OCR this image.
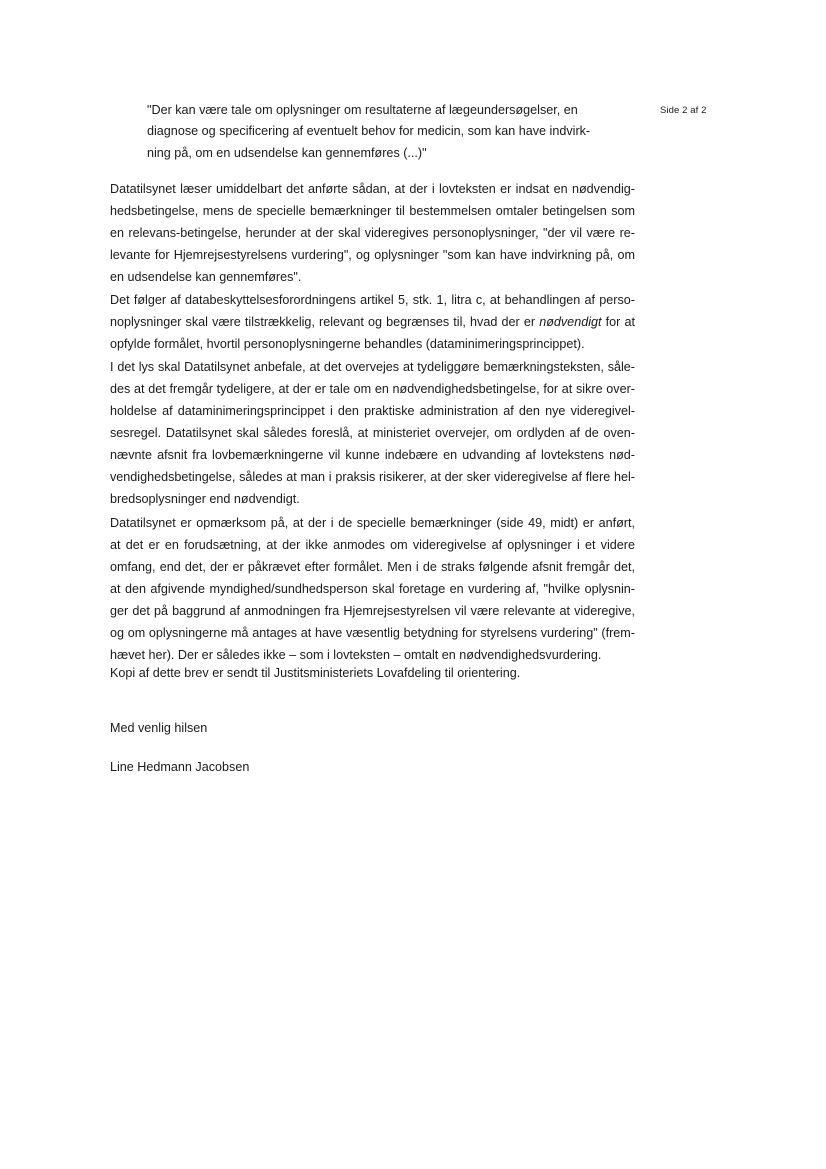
Side 2 af 2
"Der kan være tale om oplysninger om resultaterne af lægeundersøgelser, en
diagnose og specificering af eventuelt behov for medicin, som kan have indvirk-
ning på, om en udsendelse kan gennemføres (...)"
Datatilsynet læser umiddelbart det anførte sådan, at der i lovteksten er indsat en nødvendig-
hedsbetingelse, mens de specielle bemærkninger til bestemmelsen omtaler betingelsen som
en relevans-betingelse, herunder at der skal videregives personoplysninger, "der vil være re-
levante for Hjemrejsestyrelsens vurdering", og oplysninger "som kan have indvirkning på, om
en udsendelse kan gennemføres".
Det følger af databeskyttelsesforordningens artikel 5, stk. 1, litra c, at behandlingen af perso-
noplysninger skal være tilstrækkelig, relevant og begrænses til, hvad der er nødvendigt for at
opfylde formålet, hvortil personoplysningerne behandles (dataminimeringsprincippet).
I det lys skal Datatilsynet anbefale, at det overvejes at tydeliggøre bemærkningsteksten, såle-
des at det fremgår tydeligere, at der er tale om en nødvendighedsbetingelse, for at sikre over-
holdelse af dataminimeringsprincippet i den praktiske administration af den nye videregivel-
sesregel. Datatilsynet skal således foreslå, at ministeriet overvejer, om ordlyden af de oven-
nævnte afsnit fra lovbemærkningerne vil kunne indebære en udvanding af lovtekstens nød-
vendighedsbetingelse, således at man i praksis risikerer, at der sker videregivelse af flere hel-
bredsoplysninger end nødvendigt.
Datatilsynet er opmærksom på, at der i de specielle bemærkninger (side 49, midt) er anført,
at det er en forudsætning, at der ikke anmodes om videregivelse af oplysninger i et videre
omfang, end det, der er påkrævet efter formålet. Men i de straks følgende afsnit fremgår det,
at den afgivende myndighed/sundhedsperson skal foretage en vurdering af, "hvilke oplysnin-
ger det på baggrund af anmodningen fra Hjemrejsestyrelsen vil være relevante at videregive,
og om oplysningerne må antages at have væsentlig betydning for styrelsens vurdering" (frem-
hævet her). Der er således ikke – som i lovteksten – omtalt en nødvendighedsvurdering.
Kopi af dette brev er sendt til Justitsministeriets Lovafdeling til orientering.
Med venlig hilsen
Line Hedmann Jacobsen
